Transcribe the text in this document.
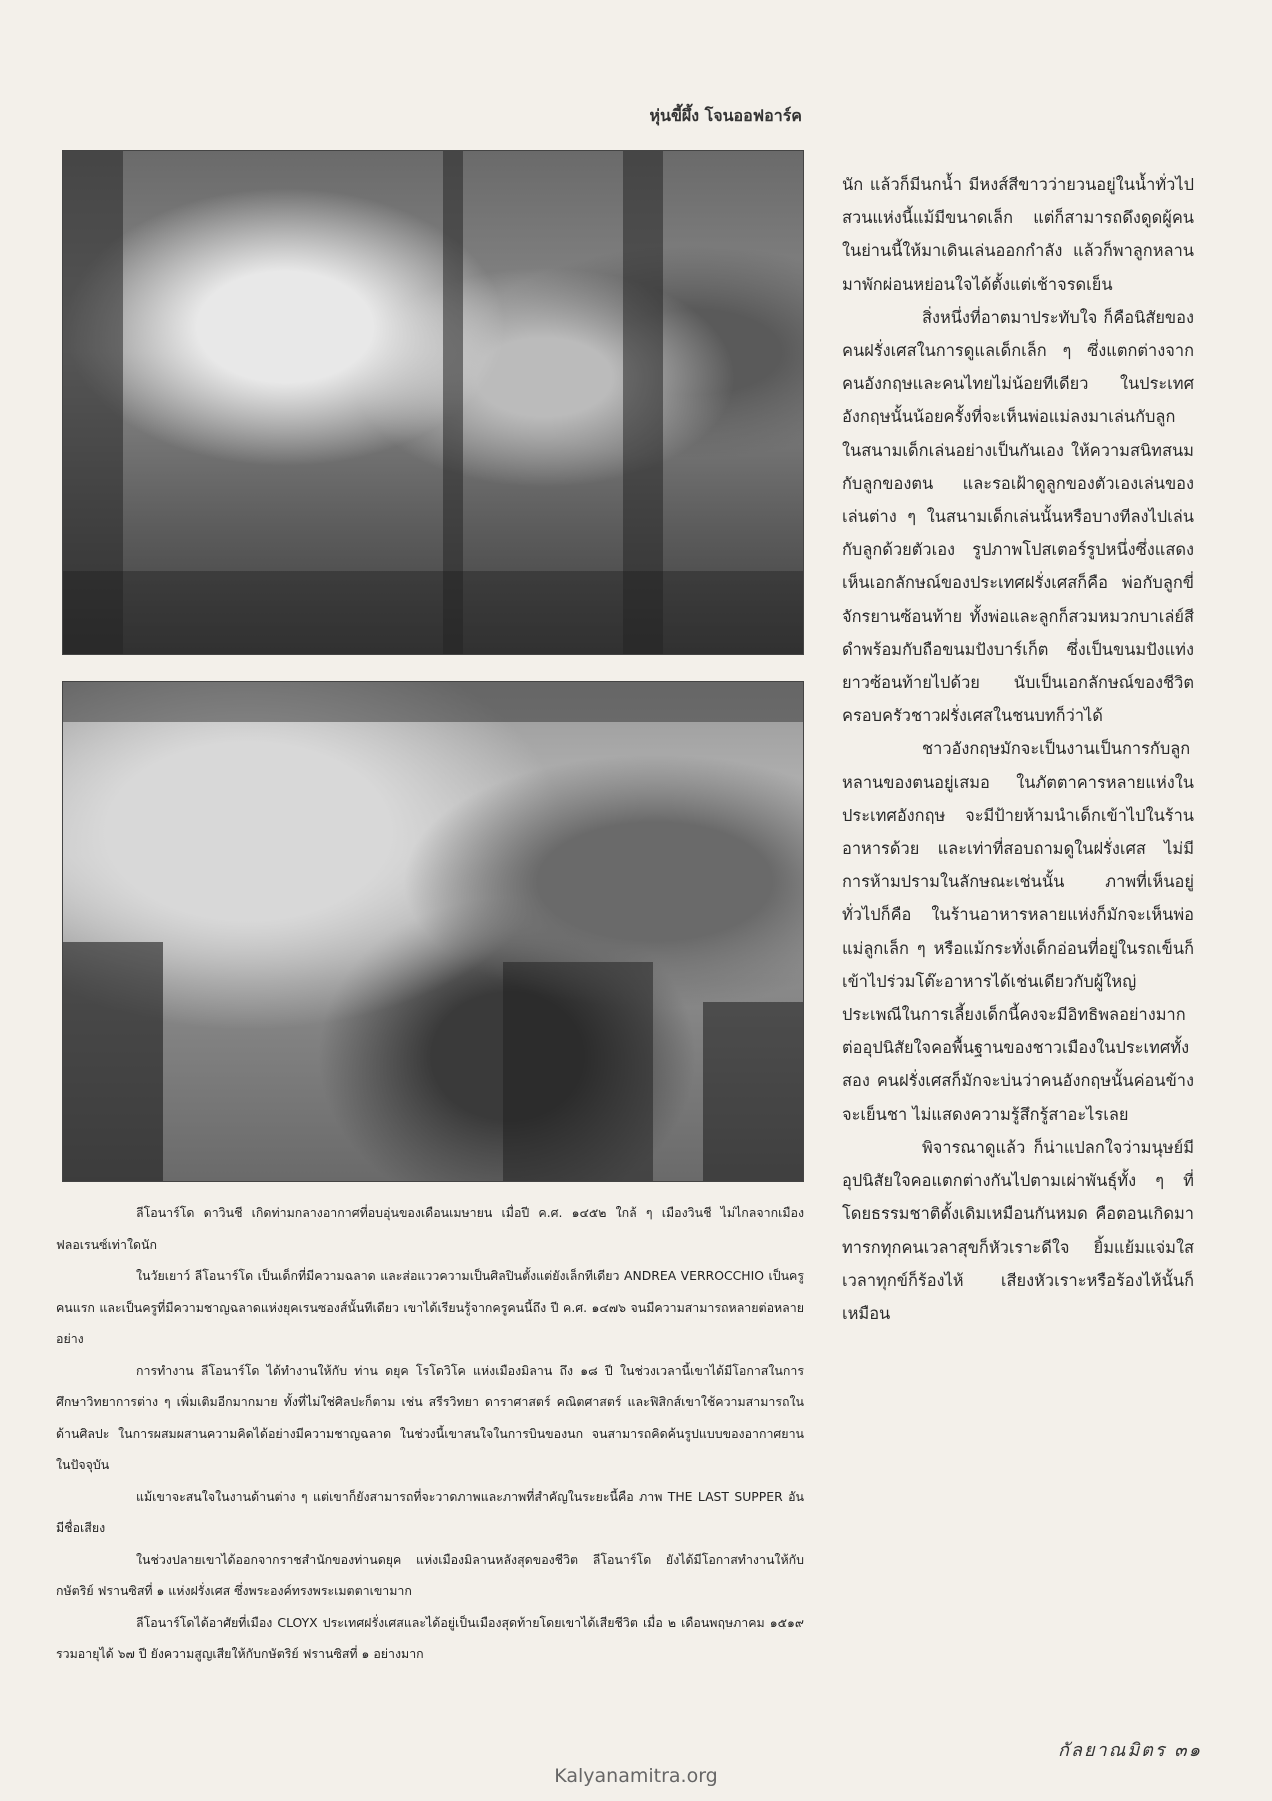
หุ่นขี้ผึ้ง โจนออฟอาร์ค

นัก แล้วก็มีนกน้ำ มีหงส์สีขาวว่ายวนอยู่ในน้ำทั่วไป สวนแห่งนี้แม้มีขนาดเล็ก แต่ก็สามารถดึงดูดผู้คนในย่านนี้ให้มาเดินเล่นออกกำลัง แล้วก็พาลูกหลานมาพักผ่อนหย่อนใจได้ตั้งแต่เช้าจรดเย็น

สิ่งหนึ่งที่อาตมาประทับใจ ก็คือนิสัยของคนฝรั่งเศสในการดูแลเด็กเล็ก ๆ ซึ่งแตกต่างจากคนอังกฤษและคนไทยไม่น้อยทีเดียว ในประเทศอังกฤษนั้นน้อยครั้งที่จะเห็นพ่อแม่ลงมาเล่นกับลูกในสนามเด็กเล่นอย่างเป็นกันเอง ให้ความสนิทสนมกับลูกของตน และรอเฝ้าดูลูกของตัวเองเล่นของเล่นต่าง ๆ ในสนามเด็กเล่นนั้นหรือบางทีลงไปเล่นกับลูกด้วยตัวเอง รูปภาพโปสเตอร์รูปหนึ่งซึ่งแสดงเห็นเอกลักษณ์ของประเทศฝรั่งเศสก็คือ พ่อกับลูกขี่จักรยานซ้อนท้าย ทั้งพ่อและลูกก็สวมหมวกบาเล่ย์สีดำพร้อมกับถือขนมปังบาร์เก็ต ซึ่งเป็นขนมปังแท่งยาวซ้อนท้ายไปด้วย นับเป็นเอกลักษณ์ของชีวิตครอบครัวชาวฝรั่งเศสในชนบทก็ว่าได้

ชาวอังกฤษมักจะเป็นงานเป็นการกับลูกหลานของตนอยู่เสมอ ในภัตตาคารหลายแห่งในประเทศอังกฤษ จะมีป้ายห้ามนำเด็กเข้าไปในร้านอาหารด้วย และเท่าที่สอบถามดูในฝรั่งเศส ไม่มีการห้ามปรามในลักษณะเช่นนั้น ภาพที่เห็นอยู่ทั่วไปก็คือ ในร้านอาหารหลายแห่งก็มักจะเห็นพ่อแม่ลูกเล็ก ๆ หรือแม้กระทั่งเด็กอ่อนที่อยู่ในรถเข็นก็เข้าไปร่วมโต๊ะอาหารได้เช่นเดียวกับผู้ใหญ่ ประเพณีในการเลี้ยงเด็กนี้คงจะมีอิทธิพลอย่างมากต่ออุปนิสัยใจคอพื้นฐานของชาวเมืองในประเทศทั้งสอง คนฝรั่งเศสก็มักจะบ่นว่าคนอังกฤษนั้นค่อนข้างจะเย็นชา ไม่แสดงความรู้สึกรู้สาอะไรเลย

พิจารณาดูแล้ว ก็น่าแปลกใจว่ามนุษย์มีอุปนิสัยใจคอแตกต่างกันไปตามเผ่าพันธุ์ทั้ง ๆ ที่โดยธรรมชาติดั้งเดิมเหมือนกันหมด คือตอนเกิดมา ทารกทุกคนเวลาสุขก็หัวเราะดีใจ ยิ้มแย้มแจ่มใส เวลาทุกข์ก็ร้องไห้ เสียงหัวเราะหรือร้องไห้นั้นก็เหมือน

ลีโอนาร์โด ดาวินชี เกิดท่ามกลางอากาศที่อบอุ่นของเดือนเมษายน เมื่อปี ค.ศ. ๑๔๕๒ ใกล้ ๆ เมืองวินชี ไม่ไกลจากเมืองฟลอเรนซ์เท่าใดนัก

ในวัยเยาว์ ลีโอนาร์โด เป็นเด็กที่มีความฉลาด และส่อแววความเป็นศิลปินตั้งแต่ยังเล็กทีเดียว ANDREA VERROCCHIO เป็นครูคนแรก และเป็นครูที่มีความชาญฉลาดแห่งยุคเรนซองส์นั้นทีเดียว เขาได้เรียนรู้จากครูคนนี้ถึง ปี ค.ศ. ๑๔๗๖ จนมีความสามารถหลายต่อหลายอย่าง

การทำงาน ลีโอนาร์โด ได้ทำงานให้กับ ท่าน ดยุค โรโดวิโค แห่งเมืองมิลาน ถึง ๑๘ ปี ในช่วงเวลานี้เขาได้มีโอกาสในการศึกษาวิทยาการต่าง ๆ เพิ่มเติมอีกมากมาย ทั้งที่ไม่ใช่ศิลปะก็ตาม เช่น สรีรวิทยา ดาราศาสตร์ คณิตศาสตร์ และฟิสิกส์เขาใช้ความสามารถในด้านศิลปะ ในการผสมผสานความคิดได้อย่างมีความชาญฉลาด ในช่วงนี้เขาสนใจในการบินของนก จนสามารถคิดค้นรูปแบบของอากาศยานในปัจจุบัน

แม้เขาจะสนใจในงานด้านต่าง ๆ แต่เขาก็ยังสามารถที่จะวาดภาพและภาพที่สำคัญในระยะนี้คือ ภาพ THE LAST SUPPER อันมีชื่อเสียง

ในช่วงปลายเขาได้ออกจากราชสำนักของท่านดยุค แห่งเมืองมิลานหลังสุดของชีวิต ลีโอนาร์โด ยังได้มีโอกาสทำงานให้กับกษัตริย์ ฟรานซิสที่ ๑ แห่งฝรั่งเศส ซึ่งพระองค์ทรงพระเมตตาเขามาก

ลีโอนาร์โดได้อาศัยที่เมือง CLOYX ประเทศฝรั่งเศสและได้อยู่เป็นเมืองสุดท้ายโดยเขาได้เสียชีวิต เมื่อ ๒ เดือนพฤษภาคม ๑๕๑๙ รวมอายุได้ ๖๗ ปี ยังความสูญเสียให้กับกษัตริย์ ฟรานซิสที่ ๑ อย่างมาก

กัลยาณมิตร ๓๑
Kalyanamitra.org
